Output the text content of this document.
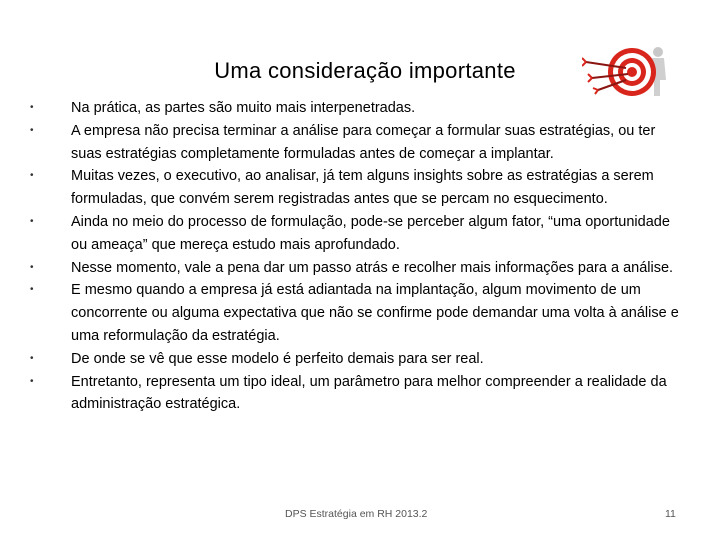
Uma consideração importante
•	Na prática, as partes são muito mais interpenetradas.
•	A empresa não precisa terminar a análise para começar a formular suas estratégias, ou ter suas estratégias completamente formuladas antes de começar a implantar.
•	Muitas vezes, o executivo, ao analisar, já tem alguns insights sobre as estratégias a serem formuladas, que convém serem registradas antes que se percam no esquecimento.
•	Ainda no meio do processo de formulação, pode-se perceber algum fator, “uma oportunidade ou ameaça” que mereça estudo mais aprofundado.
•	Nesse momento, vale a pena dar um passo atrás e recolher mais informações para a análise.
•	E mesmo quando a empresa já está adiantada na implantação, algum movimento de um concorrente ou alguma expectativa que não se confirme pode demandar uma volta à análise e uma reformulação da estratégia.
•	De onde se vê que esse modelo é perfeito demais para ser real.
•	Entretanto, representa um tipo ideal, um parâmetro para melhor compreender a realidade da administração estratégica.
DPS Estratégia em RH 2013.2	11
